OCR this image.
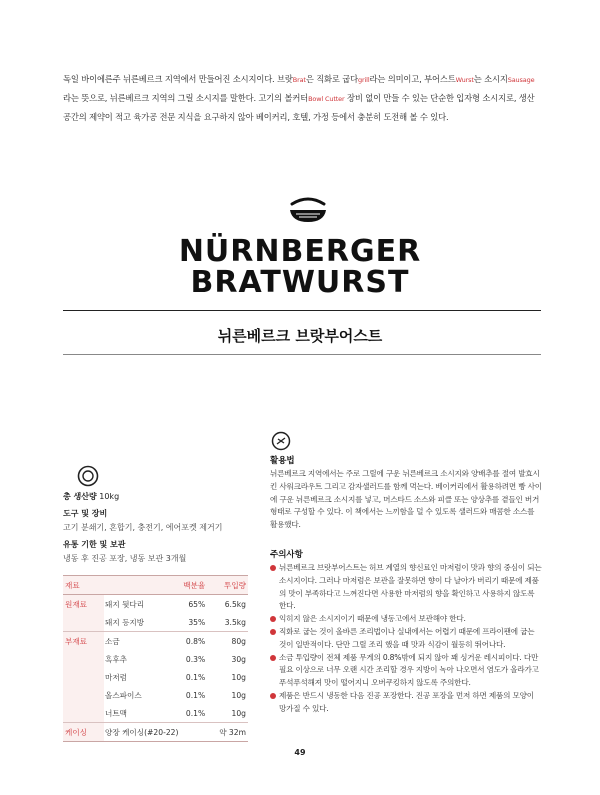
독일 바이에른주 뉘른베르크 지역에서 만들어진 소시지이다. 브랏Brat은 직화로 굽다grill라는 의미이고, 부어스트Wurst는 소시지Sausage라는 뜻으로, 뉘른베르크 지역의 그릴 소시지를 말한다. 고기의 볼커터Bowl Cutter 장비 없이 만들 수 있는 단순한 입자형 소시지로, 생산 공간의 제약이 적고 육가공 전문 지식을 요구하지 않아 베이커리, 호텔, 가정 등에서 충분히 도전해 볼 수 있다.
NÜRNBERGER
BRATWURST
뉘른베르크 브랏부어스트
총 생산량 10kg
도구 및 장비
고기 분쇄기, 혼합기, 충전기, 에어포켓 제거기
유통 기한 및 보관
냉동 후 진공 포장, 냉동 보관 3개월
재료		백분율	투입량
원재료	돼지 뒷다리	65%	6.5kg
	돼지 등지방	35%	3.5kg
부재료	소금	0.8%	80g
	흑후추	0.3%	30g
	마저럼	0.1%	10g
	올스파이스	0.1%	10g
	너트맥	0.1%	10g
케이싱	양장 케이싱(#20-22)		약 32m
활용법
뉘른베르크 지역에서는 주로 그릴에 구운 뉘른베르크 소시지와 양배추를 절여 발효시킨 사워크라우트 그리고 감자샐러드를 함께 먹는다. 베이커리에서 활용하려면 빵 사이에 구운 뉘른베르크 소시지를 넣고, 머스타드 소스와 피클 또는 양상추를 곁들인 버거 형태로 구성할 수 있다. 이 책에서는 느끼함을 덜 수 있도록 샐러드와 매콤한 소스를 활용했다.
주의사항
뉘른베르크 브랏부어스트는 허브 계열의 향신료인 마저럼이 맛과 향의 중심이 되는 소시지이다. 그러나 마저럼은 보관을 잘못하면 향이 다 날아가 버리기 때문에 제품의 맛이 부족하다고 느껴진다면 사용한 마저럼의 향을 확인하고 사용하지 않도록 한다.
익히지 않은 소시지이기 때문에 냉동고에서 보관해야 한다.
직화로 굽는 것이 올바른 조리법이나 실내에서는 어렵기 때문에 프라이팬에 굽는 것이 일반적이다. 단만 그릴 조리 했을 때 맛과 식감이 월등히 뛰어나다.
소금 투입량이 전체 제품 무게의 0.8%밖에 되지 않아 꽤 싱거운 레시피이다. 다만 필요 이상으로 너무 오랜 시간 조리할 경우 지방이 녹아 나오면서 염도가 올라가고 푸석푸석해져 맛이 떨어지니 오버쿠킹하지 않도록 주의한다.
제품은 반드시 냉동한 다음 진공 포장한다. 진공 포장을 먼저 하면 제품의 모양이 망가질 수 있다.
49
